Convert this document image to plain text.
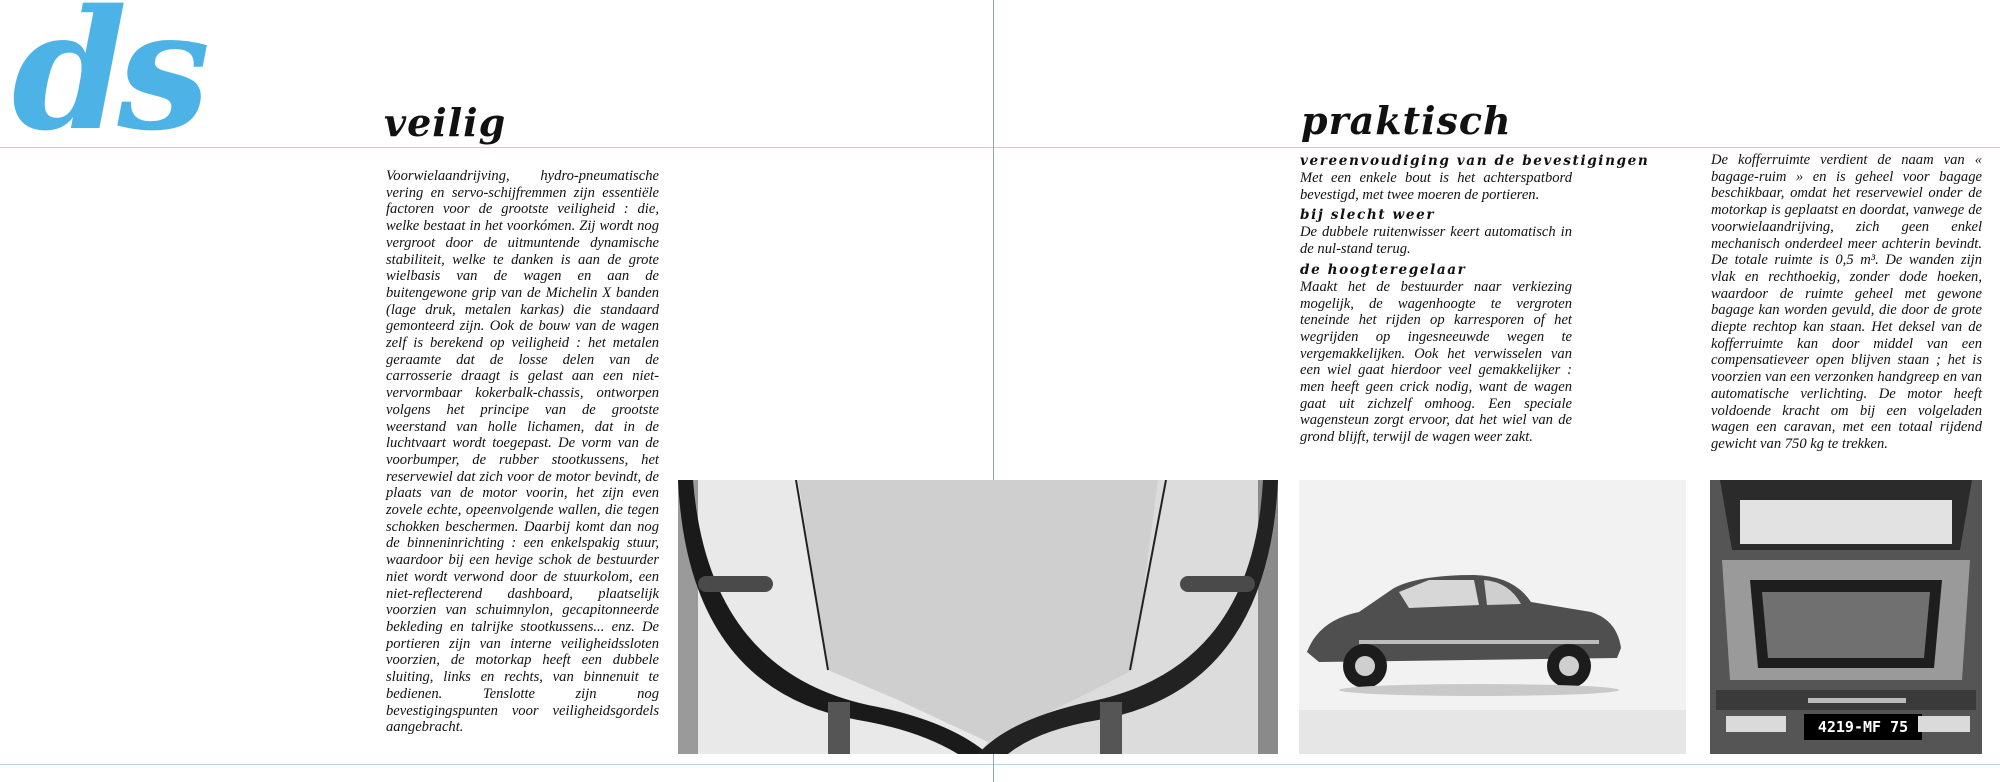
ds	veilig	praktisch

Voorwielaandrijving, hydro-pneumatische vering en servo-schijfremmen zijn essentiële factoren voor de grootste veiligheid : die, welke bestaat in het voorkómen. Zij wordt nog vergroot door de uitmuntende dynamische stabiliteit, welke te danken is aan de grote wielbasis van de wagen en aan de buitengewone grip van de Michelin X banden (lage druk, metalen karkas) die standaard gemonteerd zijn. Ook de bouw van de wagen zelf is berekend op veiligheid : het metalen geraamte dat de losse delen van de carrosserie draagt is gelast aan een niet-vervormbaar kokerbalk-chassis, ontworpen volgens het principe van de grootste weerstand van holle lichamen, dat in de luchtvaart wordt toegepast. De vorm van de voorbumper, de rubber stootkussens, het reservewiel dat zich voor de motor bevindt, de plaats van de motor voorin, het zijn even zovele echte, opeenvolgende wallen, die tegen schokken beschermen. Daarbij komt dan nog de binneninrichting : een enkelspakig stuur, waardoor bij een hevige schok de bestuurder niet wordt verwond door de stuurkolom, een niet-reflecterend dashboard, plaatselijk voorzien van schuimnylon, gecapitonneerde bekleding en talrijke stootkussens... enz. De portieren zijn van interne veiligheidssloten voorzien, de motorkap heeft een dubbele sluiting, links en rechts, van binnenuit te bedienen. Tenslotte zijn nog bevestigingspunten voor veiligheidsgordels aangebracht.

vereenvoudiging van de bevestigingen

Met een enkele bout is het achterspatbord bevestigd, met twee moeren de portieren.

bij slecht weer

De dubbele ruitenwisser keert automatisch in de nul-stand terug.

de hoogteregelaar

Maakt het de bestuurder naar verkiezing mogelijk, de wagenhoogte te vergroten teneinde het rijden op karresporen of het wegrijden op ingesneeuwde wegen te vergemakkelijken. Ook het verwisselen van een wiel gaat hierdoor veel gemakkelijker : men heeft geen crick nodig, want de wagen gaat uit zichzelf omhoog. Een speciale wagensteun zorgt ervoor, dat het wiel van de grond blijft, terwijl de wagen weer zakt.

De kofferruimte verdient de naam van « bagage-ruim » en is geheel voor bagage beschikbaar, omdat het reservewiel onder de motorkap is geplaatst en doordat, vanwege de voorwielaandrijving, zich geen enkel mechanisch onderdeel meer achterin bevindt. De totale ruimte is 0,5 m³. De wanden zijn vlak en rechthoekig, zonder dode hoeken, waardoor de ruimte geheel met gewone bagage kan worden gevuld, die door de grote diepte rechtop kan staan. Het deksel van de kofferruimte kan door middel van een compensatieveer open blijven staan ; het is voorzien van een verzonken handgreep en van automatische verlichting. De motor heeft voldoende kracht om bij een volgeladen wagen een caravan, met een totaal rijdend gewicht van 750 kg te trekken.

4219-MF 75
